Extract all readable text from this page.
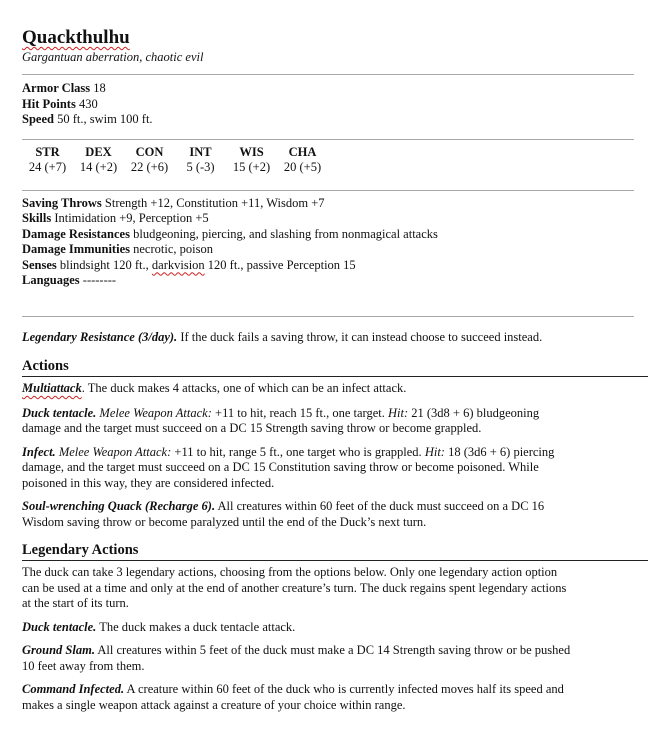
Quackthulhu
Gargantuan aberration, chaotic evil
Armor Class 18
Hit Points 430
Speed 50 ft., swim 100 ft.
STR
24 (+7)
DEX
14 (+2)
CON
22 (+6)
INT
5 (-3)
WIS
15 (+2)
CHA
20 (+5)
Saving Throws Strength +12, Constitution +11, Wisdom +7
Skills Intimidation +9, Perception +5
Damage Resistances bludgeoning, piercing, and slashing from nonmagical attacks
Damage Immunities necrotic, poison
Senses blindsight 120 ft., darkvision 120 ft., passive Perception 15
Languages --------

Legendary Resistance (3/day). If the duck fails a saving throw, it can instead choose to succeed instead.

Actions

Multiattack. The duck makes 4 attacks, one of which can be an infect attack.

Duck tentacle. Melee Weapon Attack: +11 to hit, reach 15 ft., one target. Hit: 21 (3d8 + 6) bludgeoning
damage and the target must succeed on a DC 15 Strength saving throw or become grappled.

Infect. Melee Weapon Attack: +11 to hit, range 5 ft., one target who is grappled. Hit: 18 (3d6 + 6) piercing
damage, and the target must succeed on a DC 15 Constitution saving throw or become poisoned. While
poisoned in this way, they are considered infected.

Soul-wrenching Quack (Recharge 6). All creatures within 60 feet of the duck must succeed on a DC 16
Wisdom saving throw or become paralyzed until the end of the Duck’s next turn.

Legendary Actions

The duck can take 3 legendary actions, choosing from the options below. Only one legendary action option
can be used at a time and only at the end of another creature’s turn. The duck regains spent legendary actions
at the start of its turn.

Duck tentacle. The duck makes a duck tentacle attack.

Ground Slam. All creatures within 5 feet of the duck must make a DC 14 Strength saving throw or be pushed
10 feet away from them.

Command Infected. A creature within 60 feet of the duck who is currently infected moves half its speed and
makes a single weapon attack against a creature of your choice within range.
